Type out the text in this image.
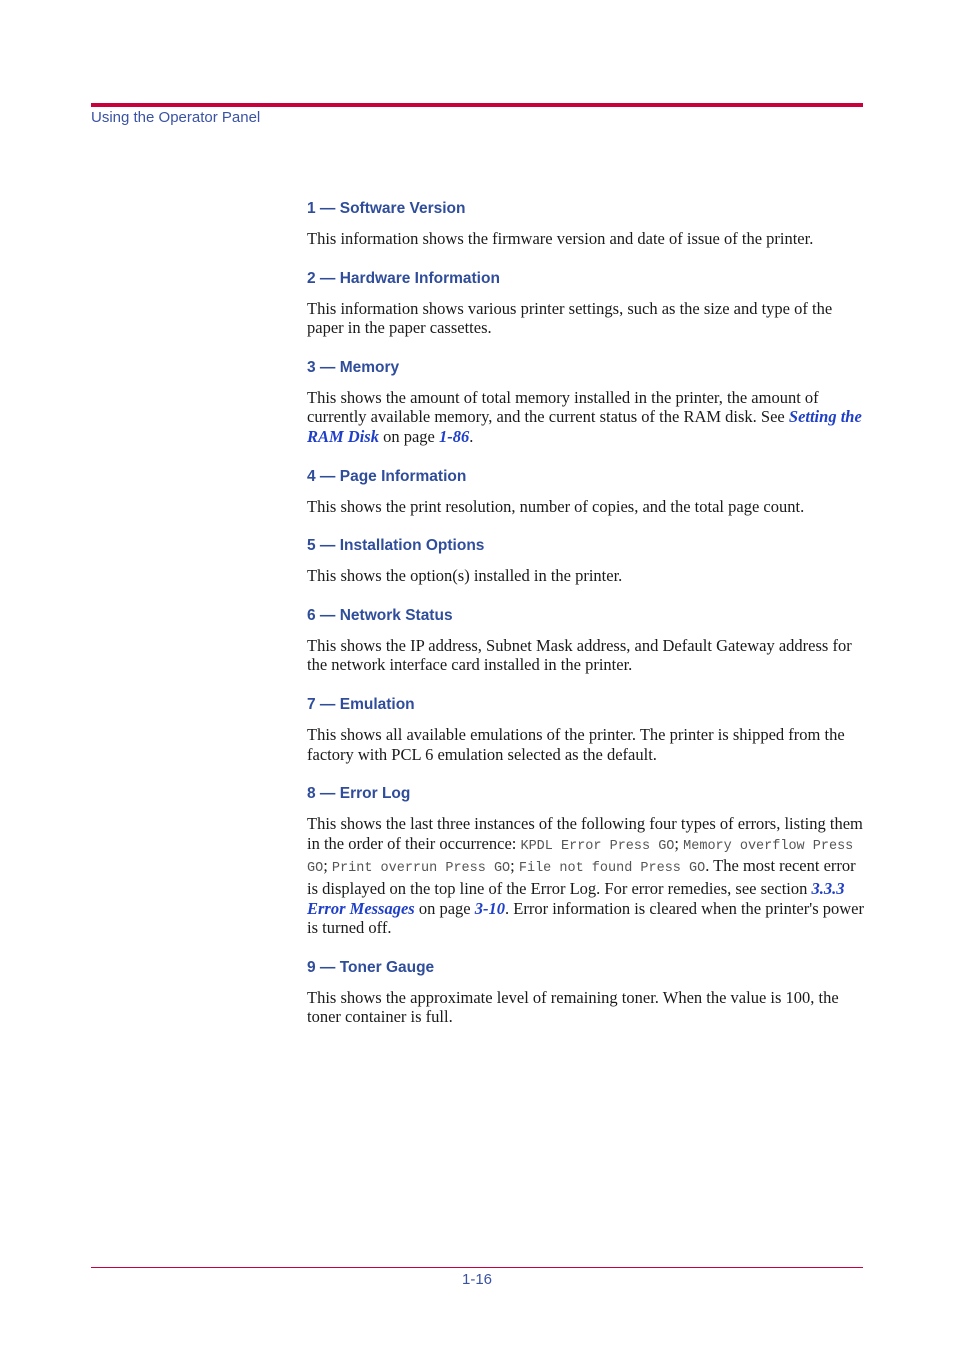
Using the Operator Panel
1 — Software Version

This information shows the firmware version and date of issue of the printer.

2 — Hardware Information

This information shows various printer settings, such as the size and type of the paper in the paper cassettes.

3 — Memory

This shows the amount of total memory installed in the printer, the amount of currently available memory, and the current status of the RAM disk. See Setting the RAM Disk on page 1-86.

4 — Page Information

This shows the print resolution, number of copies, and the total page count.

5 — Installation Options

This shows the option(s) installed in the printer.

6 — Network Status

This shows the IP address, Subnet Mask address, and Default Gateway address for the network interface card installed in the printer.

7 — Emulation

This shows all available emulations of the printer. The printer is shipped from the factory with PCL 6 emulation selected as the default.

8 — Error Log

This shows the last three instances of the following four types of errors, listing them in the order of their occurrence: KPDL Error Press GO; Memory overflow Press GO; Print overrun Press GO; File not found Press GO. The most recent error is displayed on the top line of the Error Log. For error remedies, see section 3.3.3 Error Messages on page 3-10. Error information is cleared when the printer's power is turned off.

9 — Toner Gauge

This shows the approximate level of remaining toner. When the value is 100, the toner container is full.

1-16
